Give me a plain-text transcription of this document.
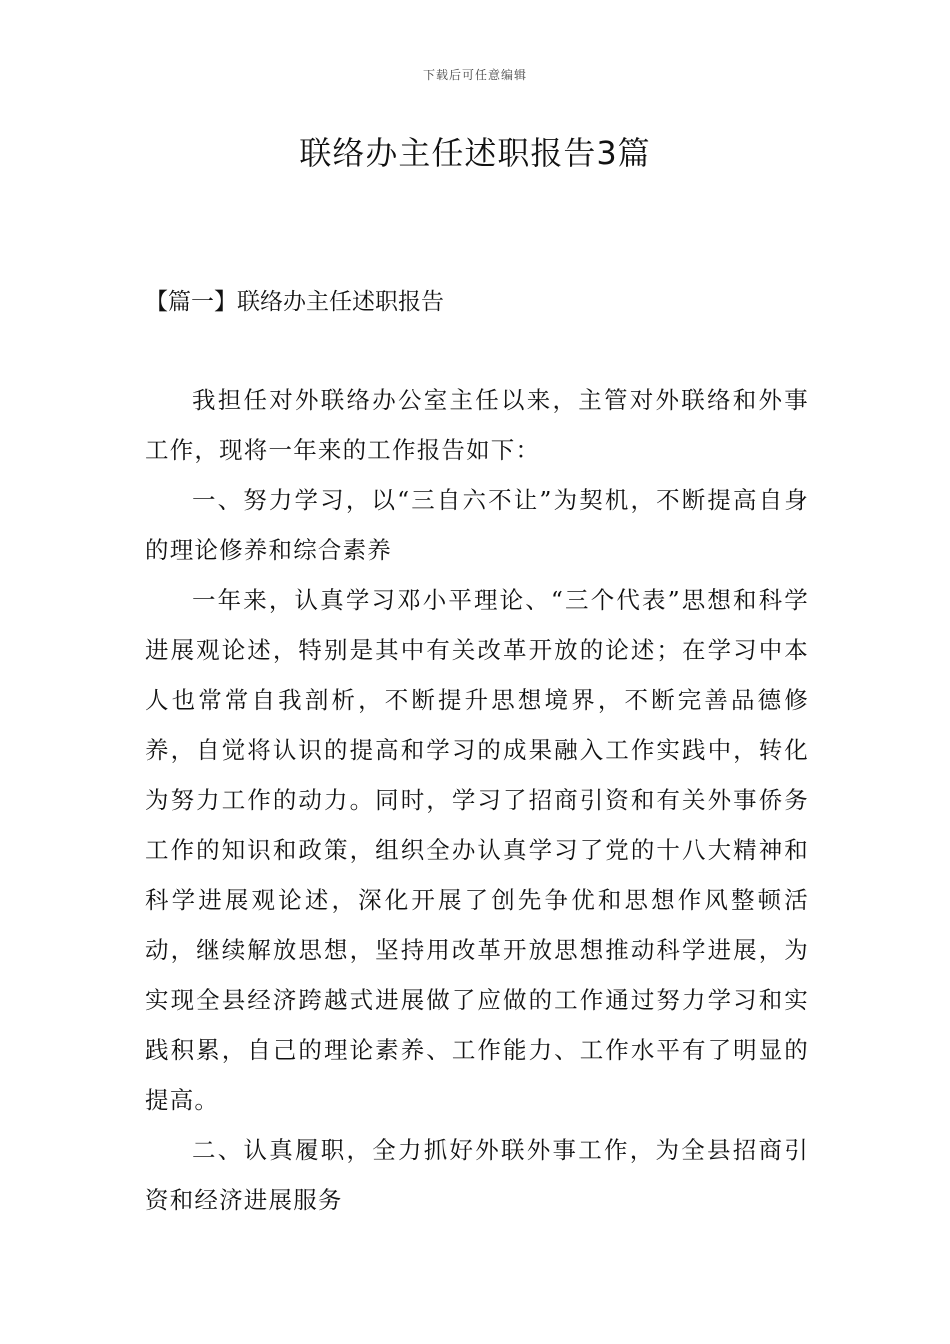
下载后可任意编辑
联络办主任述职报告3篇
【篇一】联络办主任述职报告

我担任对外联络办公室主任以来，主管对外联络和外事工作，现将一年来的工作报告如下：

一、努力学习，以“三自六不让”为契机，不断提高自身的理论修养和综合素养

一年来，认真学习邓小平理论、“三个代表”思想和科学进展观论述，特别是其中有关改革开放的论述；在学习中本人也常常自我剖析，不断提升思想境界，不断完善品德修养，自觉将认识的提高和学习的成果融入工作实践中，转化为努力工作的动力。同时，学习了招商引资和有关外事侨务工作的知识和政策，组织全办认真学习了党的十八大精神和科学进展观论述，深化开展了创先争优和思想作风整顿活动，继续解放思想，坚持用改革开放思想推动科学进展，为实现全县经济跨越式进展做了应做的工作通过努力学习和实践积累，自己的理论素养、工作能力、工作水平有了明显的提高。

二、认真履职，全力抓好外联外事工作，为全县招商引资和经济进展服务
